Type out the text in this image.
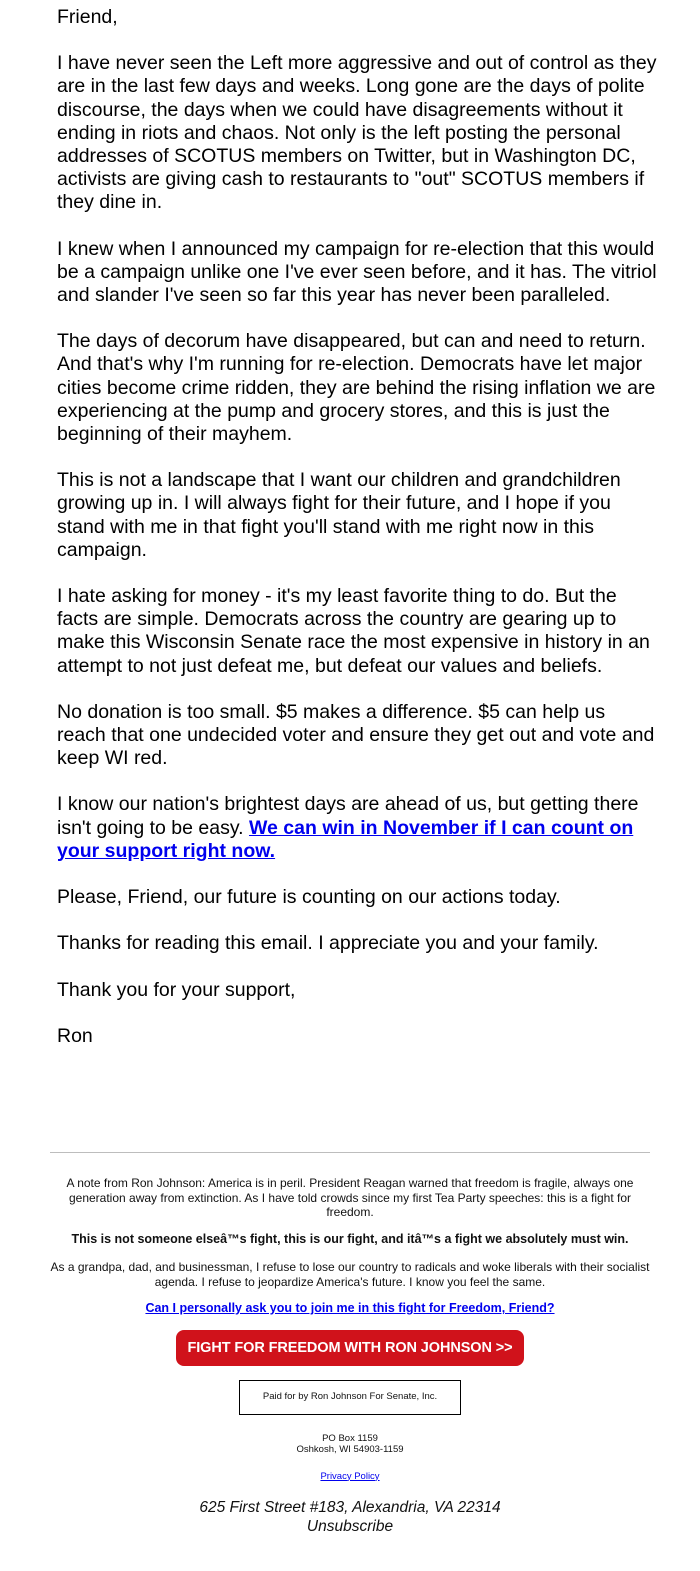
Friend,

I have never seen the Left more aggressive and out of control as they are in the last few days and weeks. Long gone are the days of polite discourse, the days when we could have disagreements without it ending in riots and chaos. Not only is the left posting the personal addresses of SCOTUS members on Twitter, but in Washington DC, activists are giving cash to restaurants to "out" SCOTUS members if they dine in.

I knew when I announced my campaign for re-election that this would be a campaign unlike one I've ever seen before, and it has. The vitriol and slander I've seen so far this year has never been paralleled.

The days of decorum have disappeared, but can and need to return. And that's why I'm running for re-election. Democrats have let major cities become crime ridden, they are behind the rising inflation we are experiencing at the pump and grocery stores, and this is just the beginning of their mayhem.

This is not a landscape that I want our children and grandchildren growing up in. I will always fight for their future, and I hope if you stand with me in that fight you'll stand with me right now in this campaign.

I hate asking for money - it's my least favorite thing to do. But the facts are simple. Democrats across the country are gearing up to make this Wisconsin Senate race the most expensive in history in an attempt to not just defeat me, but defeat our values and beliefs.

No donation is too small. $5 makes a difference. $5 can help us reach that one undecided voter and ensure they get out and vote and keep WI red.

I know our nation's brightest days are ahead of us, but getting there isn't going to be easy. We can win in November if I can count on your support right now.

Please, Friend, our future is counting on our actions today.

Thanks for reading this email. I appreciate you and your family.

Thank you for your support,

Ron

A note from Ron Johnson: America is in peril. President Reagan warned that freedom is fragile, always one generation away from extinction. As I have told crowds since my first Tea Party speeches: this is a fight for freedom.

This is not someone elseâ™s fight, this is our fight, and itâ™s a fight we absolutely must win.

As a grandpa, dad, and businessman, I refuse to lose our country to radicals and woke liberals with their socialist agenda. I refuse to jeopardize America's future. I know you feel the same.

Can I personally ask you to join me in this fight for Freedom, Friend?

FIGHT FOR FREEDOM WITH RON JOHNSON >>
Paid for by Ron Johnson For Senate, Inc.
PO Box 1159
Oshkosh, WI 54903-1159
Privacy Policy
625 First Street #183, Alexandria, VA 22314
Unsubscribe
